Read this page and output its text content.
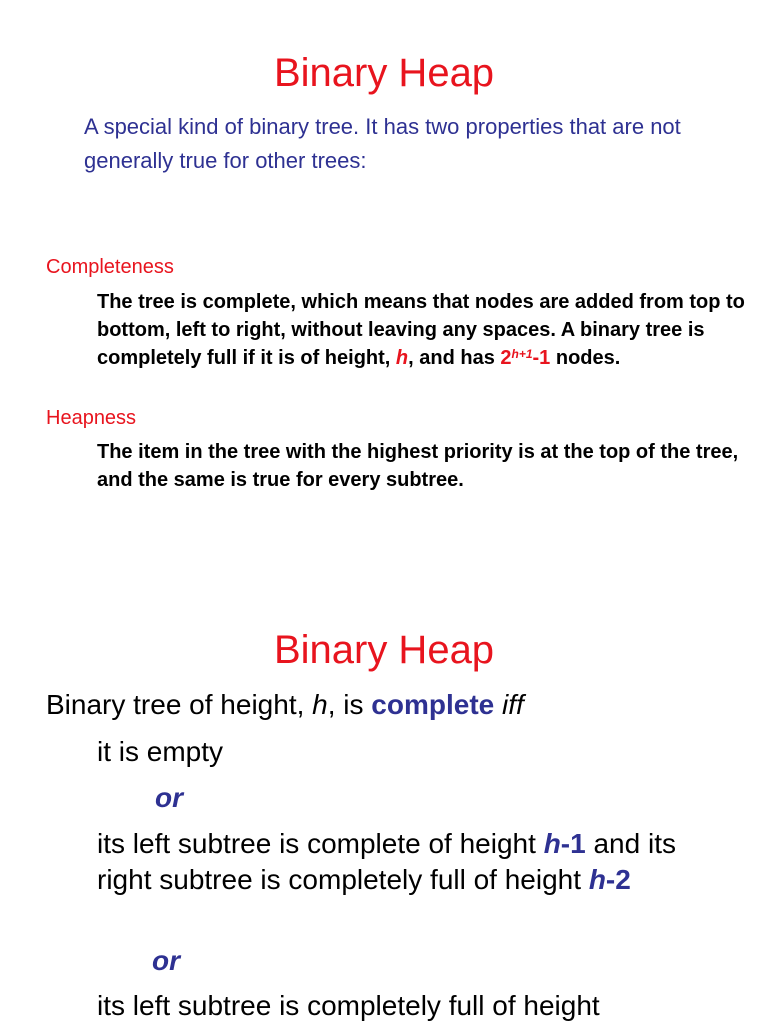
Binary Heap
A special kind of binary tree. It has two properties that are not generally true for other trees:
Completeness
The tree is complete, which means that nodes are added from top to bottom, left to right, without leaving any spaces. A binary tree is completely full if it is of height, h, and has $2^{h+1}-1$ nodes.
Heapness
The item in the tree with the highest priority is at the top of the tree, and the same is true for every subtree.
Binary Heap
Binary tree of height, h, is complete iff
it is empty
or
its left subtree is complete of height h-1 and its right subtree is completely full of height h-2
or
its left subtree is completely full of height
